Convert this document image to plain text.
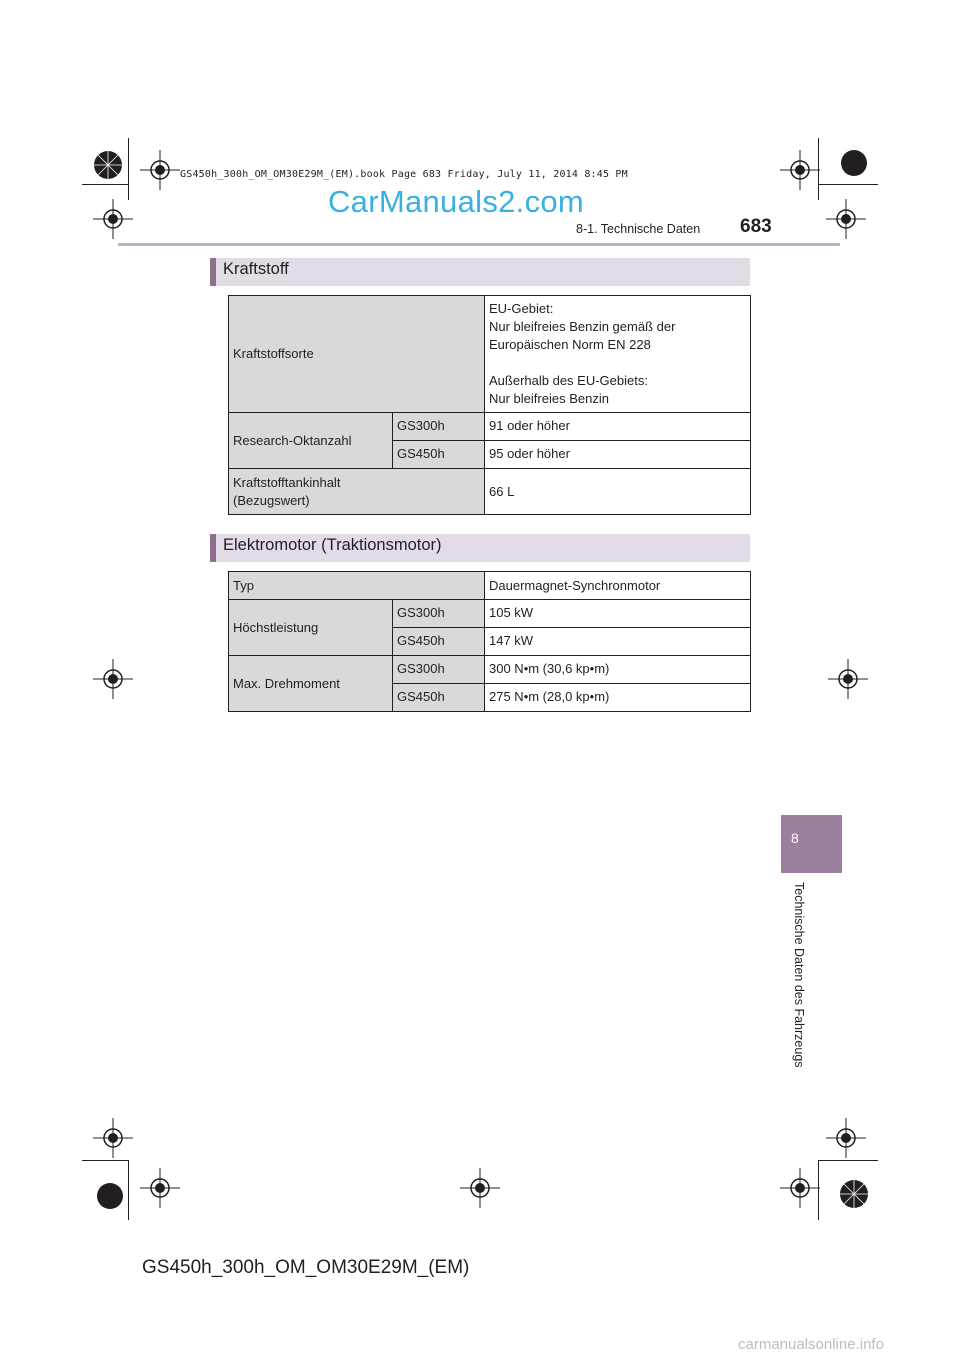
GS450h_300h_OM_OM30E29M_(EM).book Page 683 Friday, July 11, 2014 8:45 PM
CarManuals2.com
8-1. Technische Daten 683
Kraftstoff
Kraftstoffsorte		EU-Gebiet:
Nur bleifreies Benzin gemäß der
Europäischen Norm EN 228

Außerhalb des EU-Gebiets:
Nur bleifreies Benzin
Research-Oktanzahl	GS300h	91 oder höher
	GS450h	95 oder höher
Kraftstofftankinhalt
(Bezugswert)		66 L
Elektromotor (Traktionsmotor)
Typ		Dauermagnet-Synchronmotor
Höchstleistung	GS300h	105 kW
	GS450h	147 kW
Max. Drehmoment	GS300h	300 N•m (30,6 kp•m)
	GS450h	275 N•m (28,0 kp•m)
8
Technische Daten des Fahrzeugs
GS450h_300h_OM_OM30E29M_(EM)
carmanualsonline.info
